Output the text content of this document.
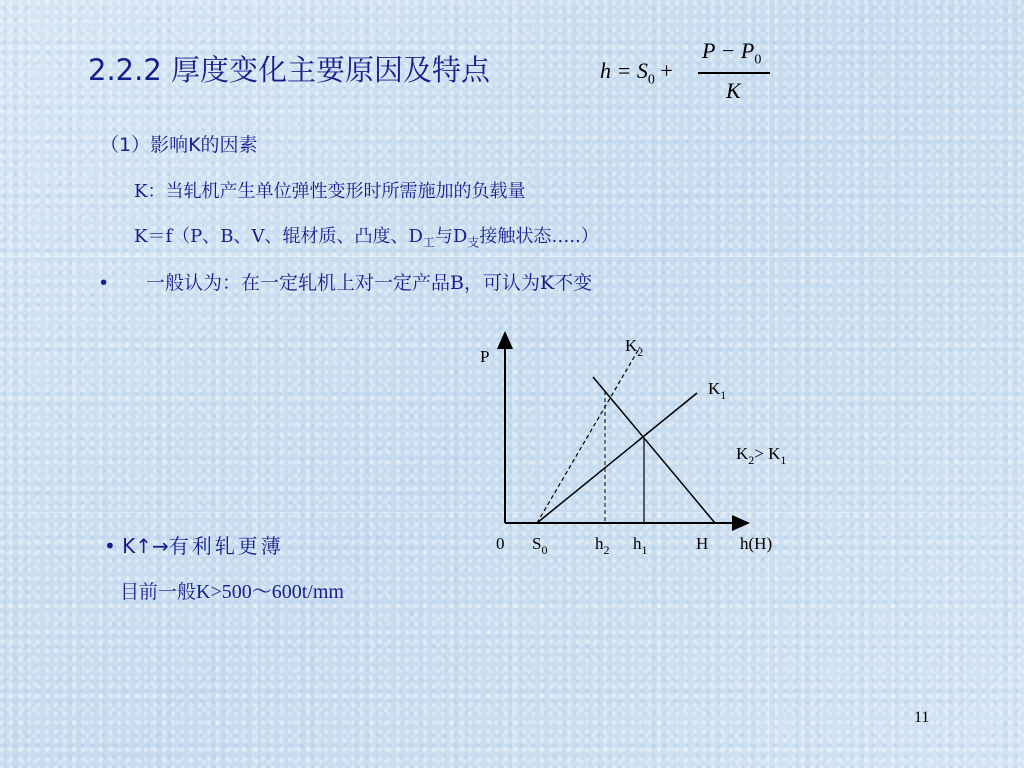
2.2.2 厚度变化主要原因及特点	$h = S_0$ +
$P - P_0$
K
（1）影响K的因素
K：当轧机产生单位弹性变形时所需施加的负载量
K＝f（P、B、V、辊材质、凸度、$D_工$与$D_支$接触状态…..）
• 一般认为：在一定轧机上对一定产品B，可认为K不变
• K↑→有利轧更薄
目前一般K>500～600t/mm
P
$K_2$
$K_1$
$K_2> K_1$
0 $S_0$	$h_2$ $h_1$	H h(H)
11
